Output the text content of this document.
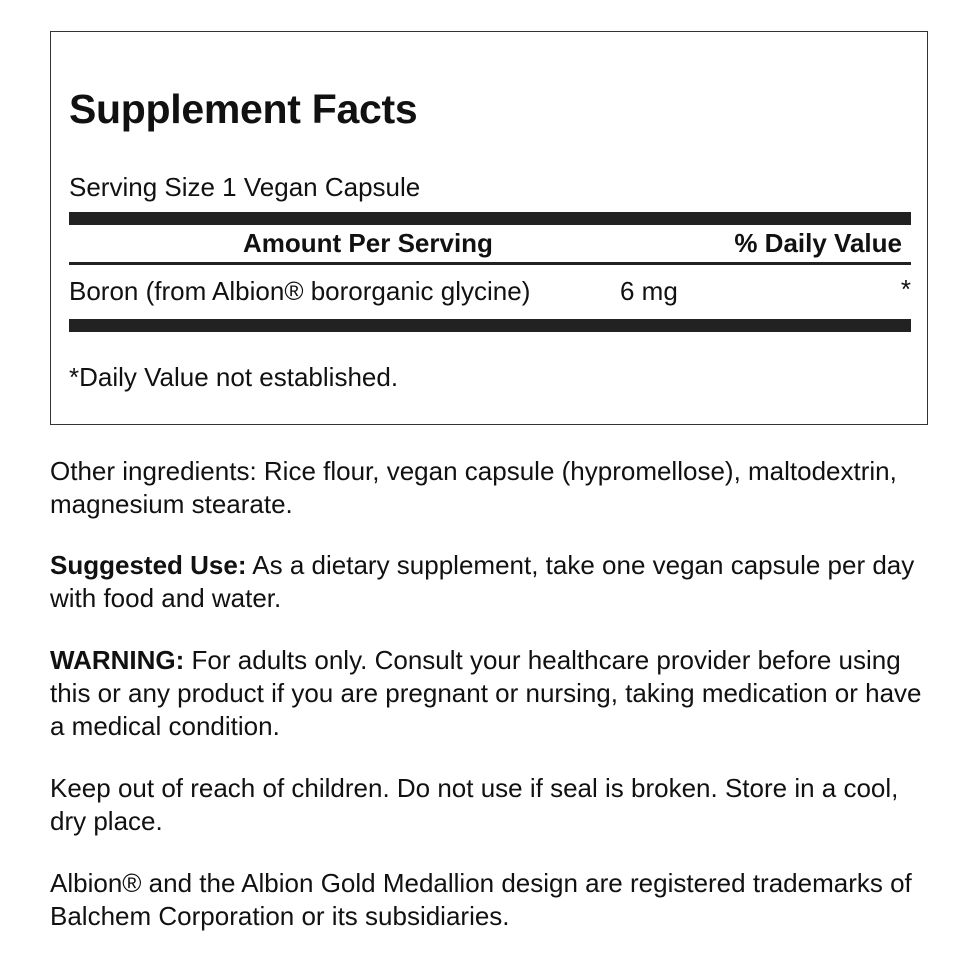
Supplement Facts
Serving Size 1 Vegan Capsule
Amount Per Serving	% Daily Value
Boron (from Albion® bororganic glycine)	6 mg	*
*Daily Value not established.

Other ingredients: Rice flour, vegan capsule (hypromellose), maltodextrin, magnesium stearate.

Suggested Use: As a dietary supplement, take one vegan capsule per day with food and water.

WARNING: For adults only. Consult your healthcare provider before using this or any product if you are pregnant or nursing, taking medication or have a medical condition.

Keep out of reach of children. Do not use if seal is broken. Store in a cool, dry place.

Albion® and the Albion Gold Medallion design are registered trademarks of Balchem Corporation or its subsidiaries.
